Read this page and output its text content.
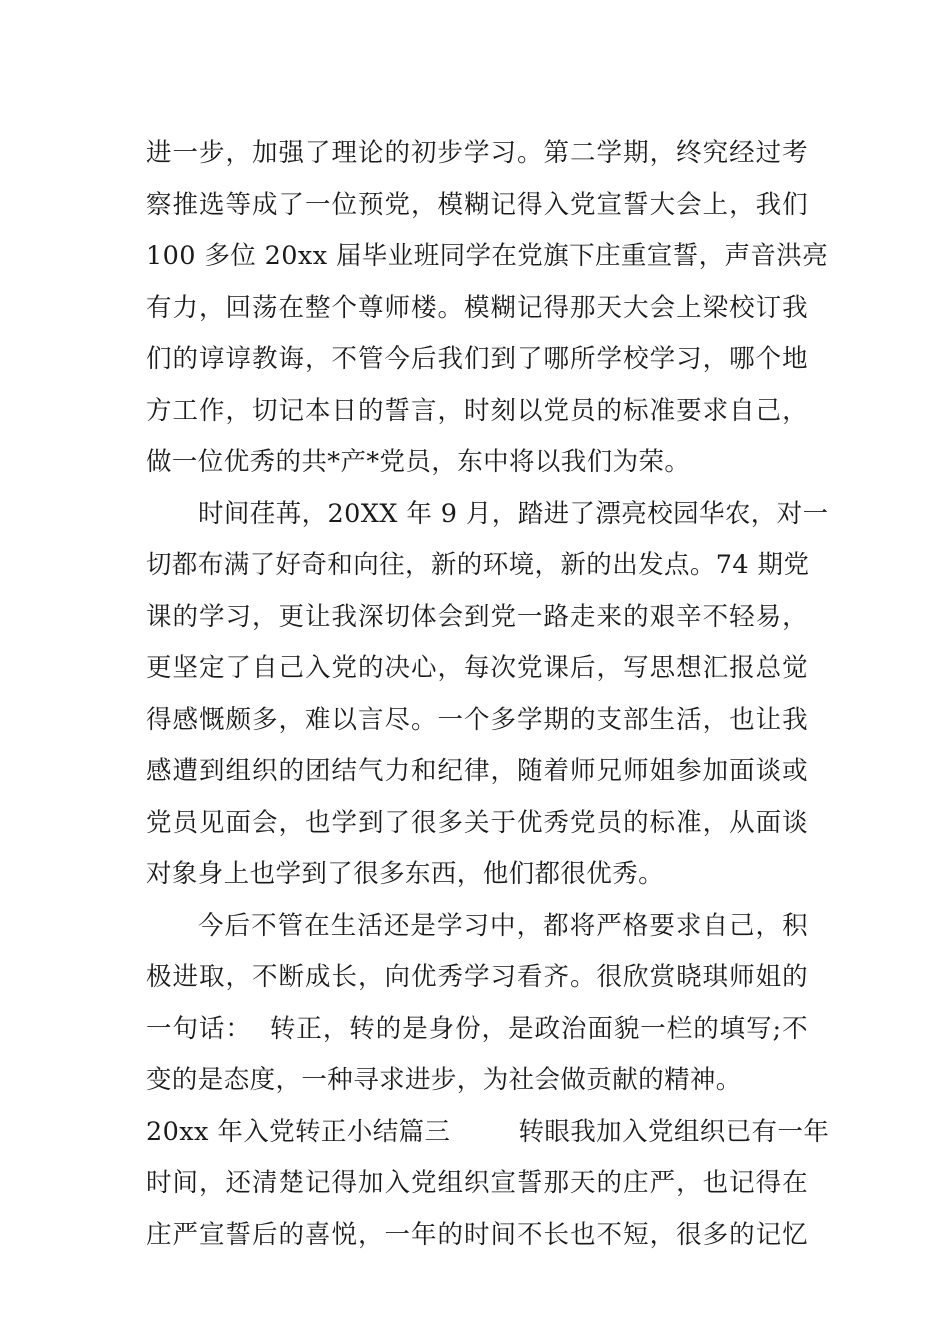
进一步，加强了理论的初步学习。第二学期，终究经过考
察推选等成了一位预党，模糊记得入党宣誓大会上，我们
100 多位 20xx 届毕业班同学在党旗下庄重宣誓，声音洪亮
有力，回荡在整个尊师楼。模糊记得那天大会上梁校订我
们的谆谆教诲，不管今后我们到了哪所学校学习，哪个地
方工作，切记本日的誓言，时刻以党员的标准要求自己，
做一位优秀的共*产*党员，东中将以我们为荣。
时间荏苒，20XX 年 9 月，踏进了漂亮校园华农，对一
切都布满了好奇和向往，新的环境，新的出发点。74 期党
课的学习，更让我深切体会到党一路走来的艰辛不轻易，
更坚定了自己入党的决心，每次党课后，写思想汇报总觉
得感慨颇多，难以言尽。一个多学期的支部生活，也让我
感遭到组织的团结气力和纪律，随着师兄师姐参加面谈或
党员见面会，也学到了很多关于优秀党员的标准，从面谈
对象身上也学到了很多东西，他们都很优秀。
今后不管在生活还是学习中，都将严格要求自己，积
极进取，不断成长，向优秀学习看齐。很欣赏晓琪师姐的
一句话：  转正，转的是身份，是政治面貌一栏的填写;不
变的是态度，一种寻求进步，为社会做贡献的精神。
20xx 年入党转正小结篇三        转眼我加入党组织已有一年
时间，还清楚记得加入党组织宣誓那天的庄严，也记得在
庄严宣誓后的喜悦，一年的时间不长也不短，很多的记忆
